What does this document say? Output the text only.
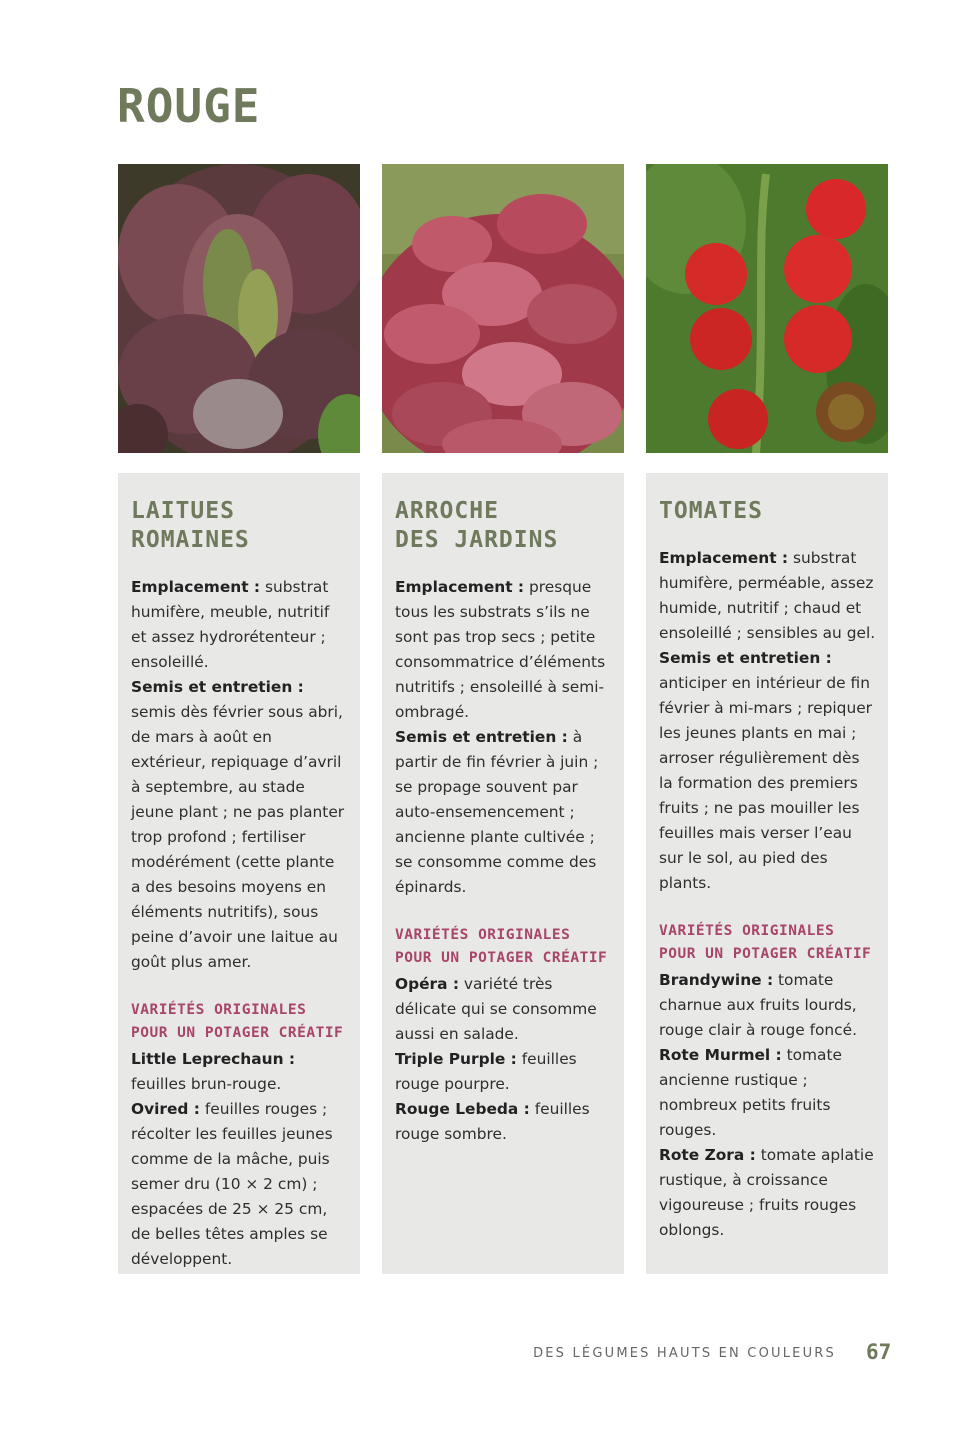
ROUGE
LAITUES ROMAINES

Emplacement : substrat humifère, meuble, nutritif et assez hydrorétenteur ; ensoleillé.

Semis et entretien : semis dès février sous abri, de mars à août en extérieur, repiquage d’avril à septembre, au stade jeune plant ; ne pas planter trop profond ; fertiliser modérément (cette plante a des besoins moyens en éléments nutritifs), sous peine d’avoir une laitue au goût plus amer.

VARIÉTÉS ORIGINALES
POUR UN POTAGER CRÉATIF

Little Leprechaun : feuilles brun-rouge.

Ovired : feuilles rouges ; récolter les feuilles jeunes comme de la mâche, puis semer dru (10 × 2 cm) ; espacées de 25 × 25 cm, de belles têtes amples se développent.

ARROCHE
DES JARDINS

Emplacement : presque tous les substrats s’ils ne sont pas trop secs ; petite consommatrice d’éléments nutritifs ; ensoleillé à semi-ombragé.

Semis et entretien : à partir de fin février à juin ; se propage souvent par auto-ensemencement ; ancienne plante cultivée ; se consomme comme des épinards.

VARIÉTÉS ORIGINALES
POUR UN POTAGER CRÉATIF

Opéra : variété très délicate qui se consomme aussi en salade.

Triple Purple : feuilles rouge pourpre.

Rouge Lebeda : feuilles rouge sombre.

TOMATES

Emplacement : substrat humifère, perméable, assez humide, nutritif ; chaud et ensoleillé ; sensibles au gel.

Semis et entretien : anticiper en intérieur de fin février à mi-mars ; repiquer les jeunes plants en mai ; arroser régulièrement dès la formation des premiers fruits ; ne pas mouiller les feuilles mais verser l’eau sur le sol, au pied des plants.

VARIÉTÉS ORIGINALES
POUR UN POTAGER CRÉATIF

Brandywine : tomate charnue aux fruits lourds, rouge clair à rouge foncé.

Rote Murmel : tomate ancienne rustique ; nombreux petits fruits rouges.

Rote Zora : tomate aplatie rustique, à croissance vigoureuse ; fruits rouges oblongs.

DES LÉGUMES HAUTS EN COULEURS 67
